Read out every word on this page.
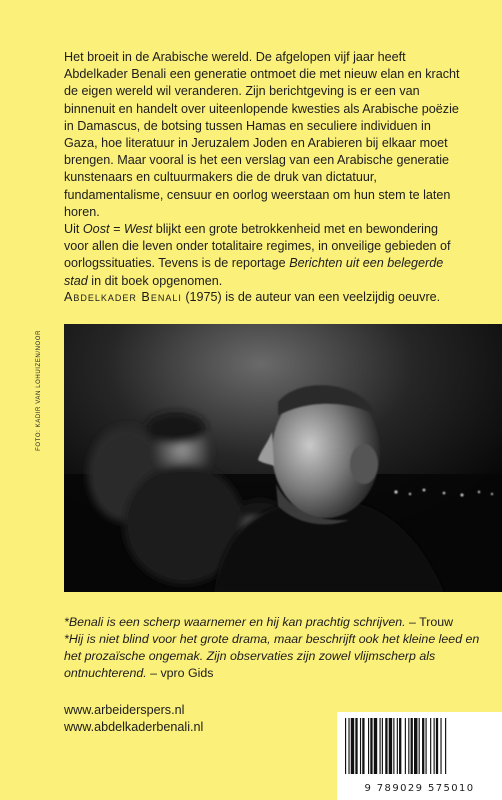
Het broeit in de Arabische wereld. De afgelopen vijf jaar heeft Abdelkader Benali een generatie ontmoet die met nieuw elan en kracht de eigen wereld wil veranderen. Zijn berichtgeving is er een van binnenuit en handelt over uiteenlopende kwesties als Arabische poëzie in Damascus, de botsing tussen Hamas en seculiere individuen in Gaza, hoe literatuur in Jeruzalem Joden en Arabieren bij elkaar moet brengen. Maar vooral is het een verslag van een Arabische generatie kunstenaars en cultuurmakers die de druk van dictatuur, fundamentalisme, censuur en oorlog weerstaan om hun stem te laten horen.

Uit Oost = West blijkt een grote betrokkenheid met en bewondering voor allen die leven onder totalitaire regimes, in onveilige gebieden of oorlogssituaties. Tevens is de reportage Berichten uit een belegerde stad in dit boek opgenomen.

Abdelkader Benali (1975) is de auteur van een veelzijdig oeuvre.
FOTO: KADIR VAN LOHUIZEN/NOOR

*Benali is een scherp waarnemer en hij kan prachtig schrijven. – Trouw

*Hij is niet blind voor het grote drama, maar beschrijft ook het kleine leed en het prozaïsche ongemak. Zijn observaties zijn zowel vlijmscherp als ontnuchterend. – vpro Gids

www.arbeiderspers.nl
www.abdelkaderbenali.nl
9 789029 575010
